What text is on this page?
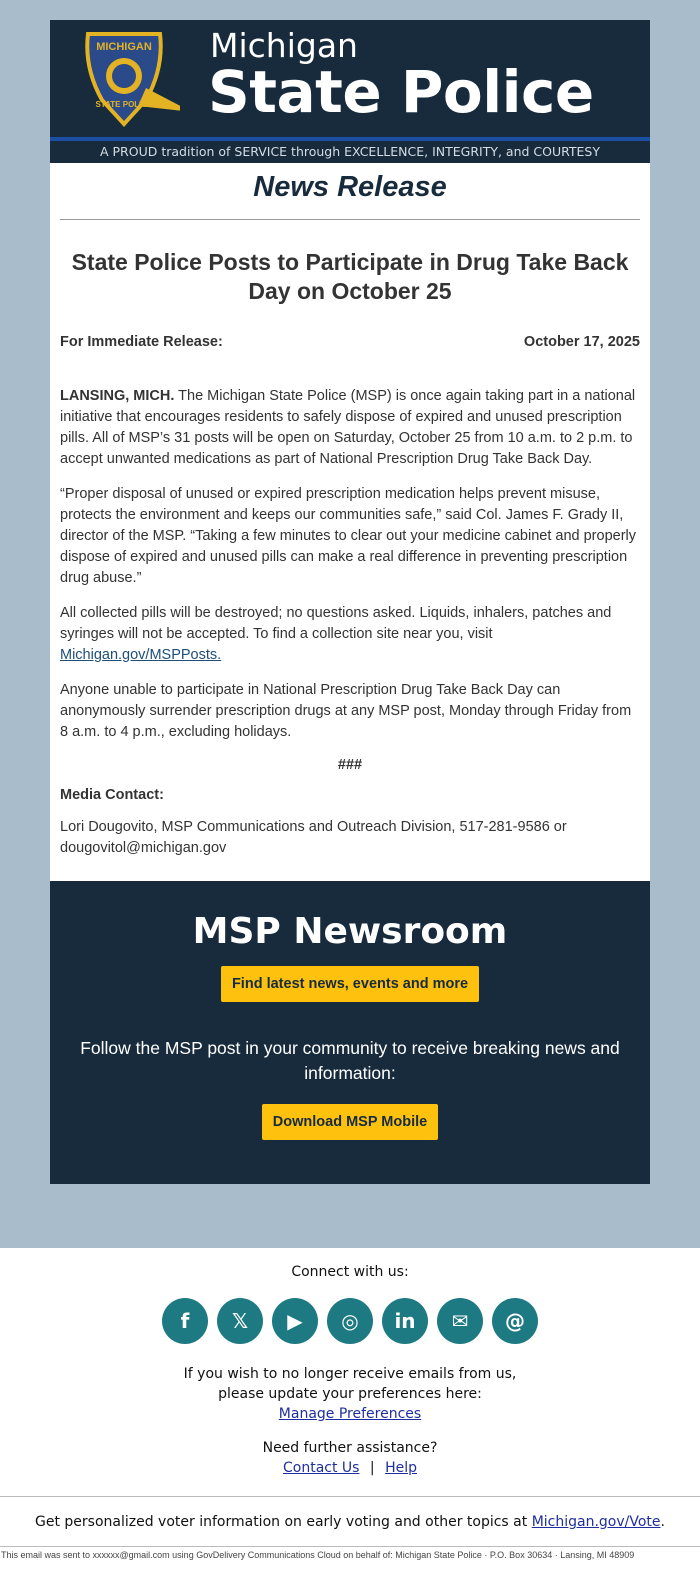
MICHIGAN
STATE POLICE
Michigan
State Police
A PROUD tradition of SERVICE through EXCELLENCE, INTEGRITY, and COURTESY
News Release
State Police Posts to Participate in Drug Take Back Day on October 25
For Immediate Release:	October 17, 2025

LANSING, MICH. The Michigan State Police (MSP) is once again taking part in a national initiative that encourages residents to safely dispose of expired and unused prescription pills. All of MSP’s 31 posts will be open on Saturday, October 25 from 10 a.m. to 2 p.m. to accept unwanted medications as part of National Prescription Drug Take Back Day.

“Proper disposal of unused or expired prescription medication helps prevent misuse, protects the environment and keeps our communities safe,” said Col. James F. Grady II, director of the MSP. “Taking a few minutes to clear out your medicine cabinet and properly dispose of expired and unused pills can make a real difference in preventing prescription drug abuse.”

All collected pills will be destroyed; no questions asked. Liquids, inhalers, patches and syringes will not be accepted. To find a collection site near you, visit Michigan.gov/MSPPosts.

Anyone unable to participate in National Prescription Drug Take Back Day can anonymously surrender prescription drugs at any MSP post, Monday through Friday from 8 a.m. to 4 p.m., excluding holidays.

###
Media Contact:

Lori Dougovito, MSP Communications and Outreach Division, 517-281-9586 or dougovitol@michigan.gov

MSP Newsroom
Find latest news, events and more
Follow the MSP post in your community to receive breaking news and information:
Download MSP Mobile
Connect with us:
f	𝕏	▶	◎	in	✉	@
If you wish to no longer receive emails from us,
please update your preferences here:
Manage Preferences
Need further assistance?
Contact Us | Help
Get personalized voter information on early voting and other topics at Michigan.gov/Vote.
This email was sent to xxxxxx@gmail.com using GovDelivery Communications Cloud on behalf of: Michigan State Police · P.O. Box 30634 · Lansing, MI 48909
